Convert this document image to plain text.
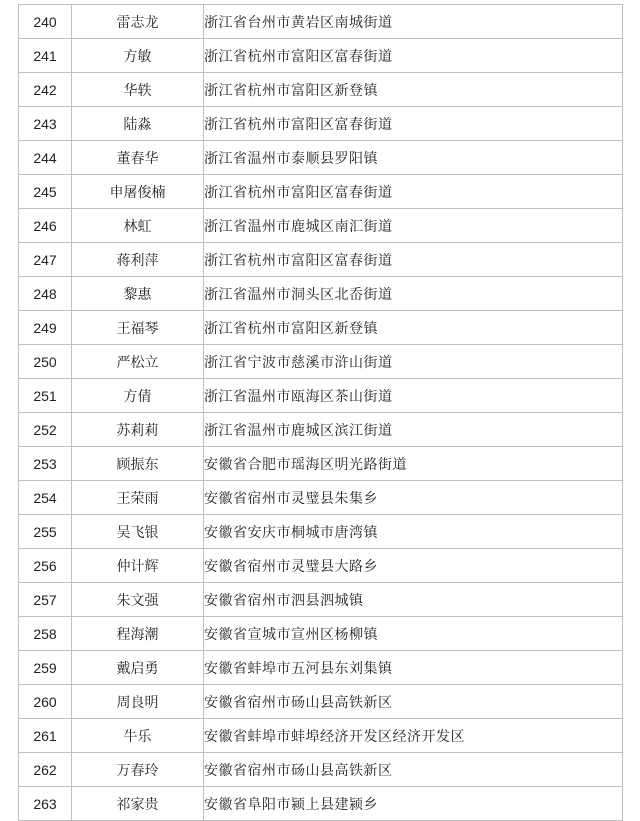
240	雷志龙	浙江省台州市黄岩区南城街道
241	方敏	浙江省杭州市富阳区富春街道
242	华轶	浙江省杭州市富阳区新登镇
243	陆淼	浙江省杭州市富阳区富春街道
244	董春华	浙江省温州市泰顺县罗阳镇
245	申屠俊楠	浙江省杭州市富阳区富春街道
246	林虹	浙江省温州市鹿城区南汇街道
247	蒋利萍	浙江省杭州市富阳区富春街道
248	黎惠	浙江省温州市洞头区北岙街道
249	王福琴	浙江省杭州市富阳区新登镇
250	严松立	浙江省宁波市慈溪市浒山街道
251	方倩	浙江省温州市瓯海区茶山街道
252	苏莉莉	浙江省温州市鹿城区滨江街道
253	顾振东	安徽省合肥市瑶海区明光路街道
254	王荣雨	安徽省宿州市灵璧县朱集乡
255	吴飞银	安徽省安庆市桐城市唐湾镇
256	仲计辉	安徽省宿州市灵璧县大路乡
257	朱文强	安徽省宿州市泗县泗城镇
258	程海潮	安徽省宣城市宣州区杨柳镇
259	戴启勇	安徽省蚌埠市五河县东刘集镇
260	周良明	安徽省宿州市砀山县高铁新区
261	牛乐	安徽省蚌埠市蚌埠经济开发区经济开发区
262	万春玲	安徽省宿州市砀山县高铁新区
263	祁家贵	安徽省阜阳市颍上县建颍乡
